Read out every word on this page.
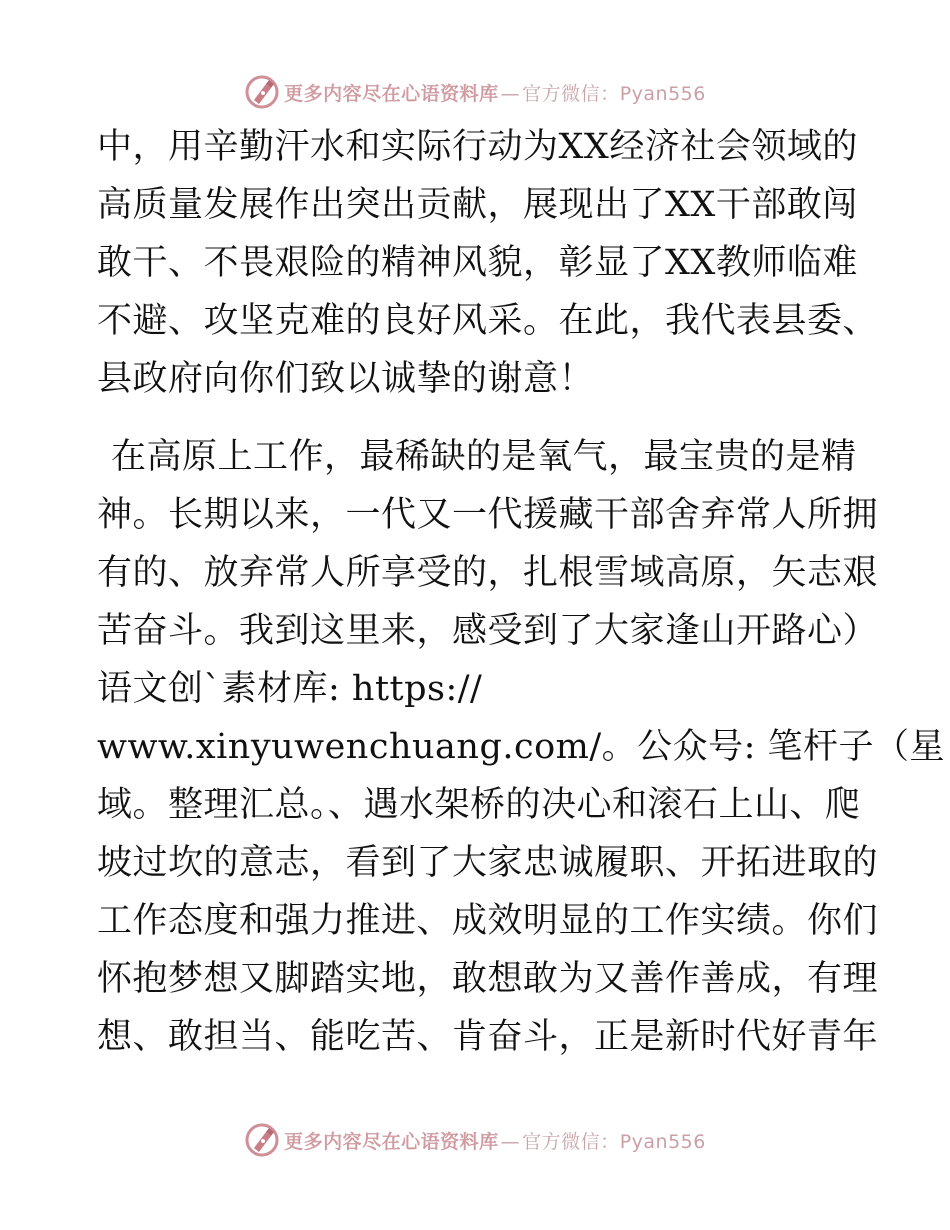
更多内容尽在心语资料库 — 官方微信：Pyan556
中，用辛勤汗水和实际行动为XX经济社会领域的
高质量发展作出突出贡献，展现出了XX干部敢闯
敢干、不畏艰险的精神风貌，彰显了XX教师临难
不避、攻坚克难的良好风采。在此，我代表县委、
县政府向你们致以诚挚的谢意！
在高原上工作，最稀缺的是氧气，最宝贵的是精
神。长期以来，一代又一代援藏干部舍弃常人所拥
有的、放弃常人所享受的，扎根雪域高原，矢志艰
苦奋斗。我到这里来，感受到了大家逢山开路心）
语文创`素材库: https://
www.xinyuwenchuang.com/。公众号: 笔杆子（星
域。整理汇总。、遇水架桥的决心和滚石上山、爬
坡过坎的意志，看到了大家忠诚履职、开拓进取的
工作态度和强力推进、成效明显的工作实绩。你们
怀抱梦想又脚踏实地，敢想敢为又善作善成，有理
想、敢担当、能吃苦、肯奋斗，正是新时代好青年
更多内容尽在心语资料库 — 官方微信：Pyan556
